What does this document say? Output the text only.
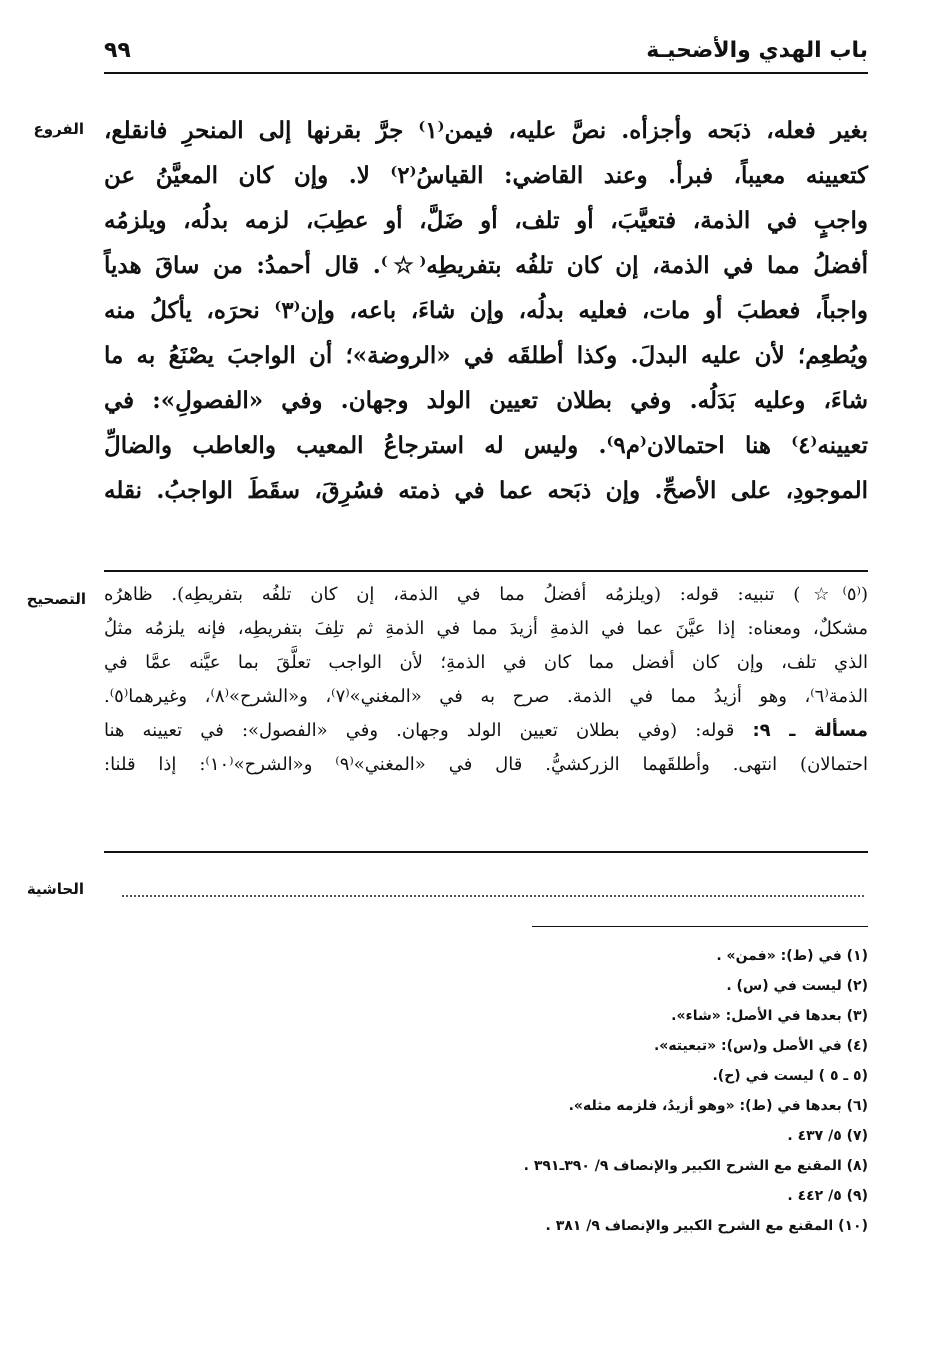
باب الهدي والأضحيـة
٩٩
الفروع
التصحيح
الحاشية

بغير فعله، ذبَحه وأجزأه. نصَّ عليه، فيمن⁽١⁾ جرَّ بقرنها إلى المنحرِ فانقلع،

كتعيينه معيباً، فبرأ. وعند القاضي: القياسُ⁽٢⁾ لا. وإن كان المعيَّنُ عن

واجبٍ في الذمة، فتعيَّبَ، أو تلف، أو ضَلَّ، أو عطِبَ، لزمه بدلُه، ويلزمُه

أفضلُ مما في الذمة، إن كان تلفُه بتفريطِه⁽☆⁾. قال أحمدُ: من ساقَ هدياً

واجباً، فعطبَ أو مات، فعليه بدلُه، وإن شاءَ، باعه، وإن⁽٣⁾ نحرَه، يأكلُ منه

ويُطعِم؛ لأن عليه البدلَ. وكذا أطلقَه في «الروضة»؛ أن الواجبَ يصْنَعُ به ما

شاءَ، وعليه بَدَلُه. وفي بطلان تعيين الولد وجهان. وفي «الفصولِ»: في

تعيينه⁽٤⁾ هنا احتمالان⁽م٩⁾. وليس له استرجاعُ المعيب والعاطب والضالِّ

الموجودِ، على الأصحِّ. وإن ذبَحه عما في ذمته فسُرِقَ، سقَطَ الواجبُ. نقله

(⁽٥⁾☆) تنبيه: قوله: (ويلزمُه أفضلُ مما في الذمة، إن كان تلفُه بتفريطِه). ظاهرُه

مشكلٌ، ومعناه: إذا عيَّنَ عما في الذمةِ أزيدَ مما في الذمةِ ثم تلِفَ بتفريطِه، فإنه يلزمُه مثلُ

الذي تلف، وإن كان أفضل مما كان في الذمةِ؛ لأن الواجب تعلَّقَ بما عيَّنه عمَّا في

الذمة⁽٦⁾، وهو أزيدُ مما في الذمة. صرح به في «المغني»⁽٧⁾، و«الشرح»⁽٨⁾، وغيرهما⁽٥⁾.

مسألة ـ ٩: قوله: (وفي بطلان تعيين الولد وجهان. وفي «الفصول»: في تعيينه هنا

احتمالان) انتهى. وأطلقَهما الزركشيُّ. قال في «المغني»⁽٩⁾ و«الشرح»⁽١٠⁾: إذا قلنا:

(١) في (ط): «فمن» .
(٢) ليست في (س) .
(٣) بعدها في الأصل: «شاء».
(٤) في الأصل و(س): «تبعيته».
(٥ ـ ٥ ) ليست في (ح).
(٦) بعدها في (ط): «وهو أزيدُ، فلزمه مثله».
(٧) ٥/ ٤٣٧ .
(٨) المقنع مع الشرح الكبير والإنصاف ٩/ ٣٩٠ـ٣٩١ .
(٩) ٥/ ٤٤٢ .
(١٠) المقنع مع الشرح الكبير والإنصاف ٩/ ٣٨١ .
